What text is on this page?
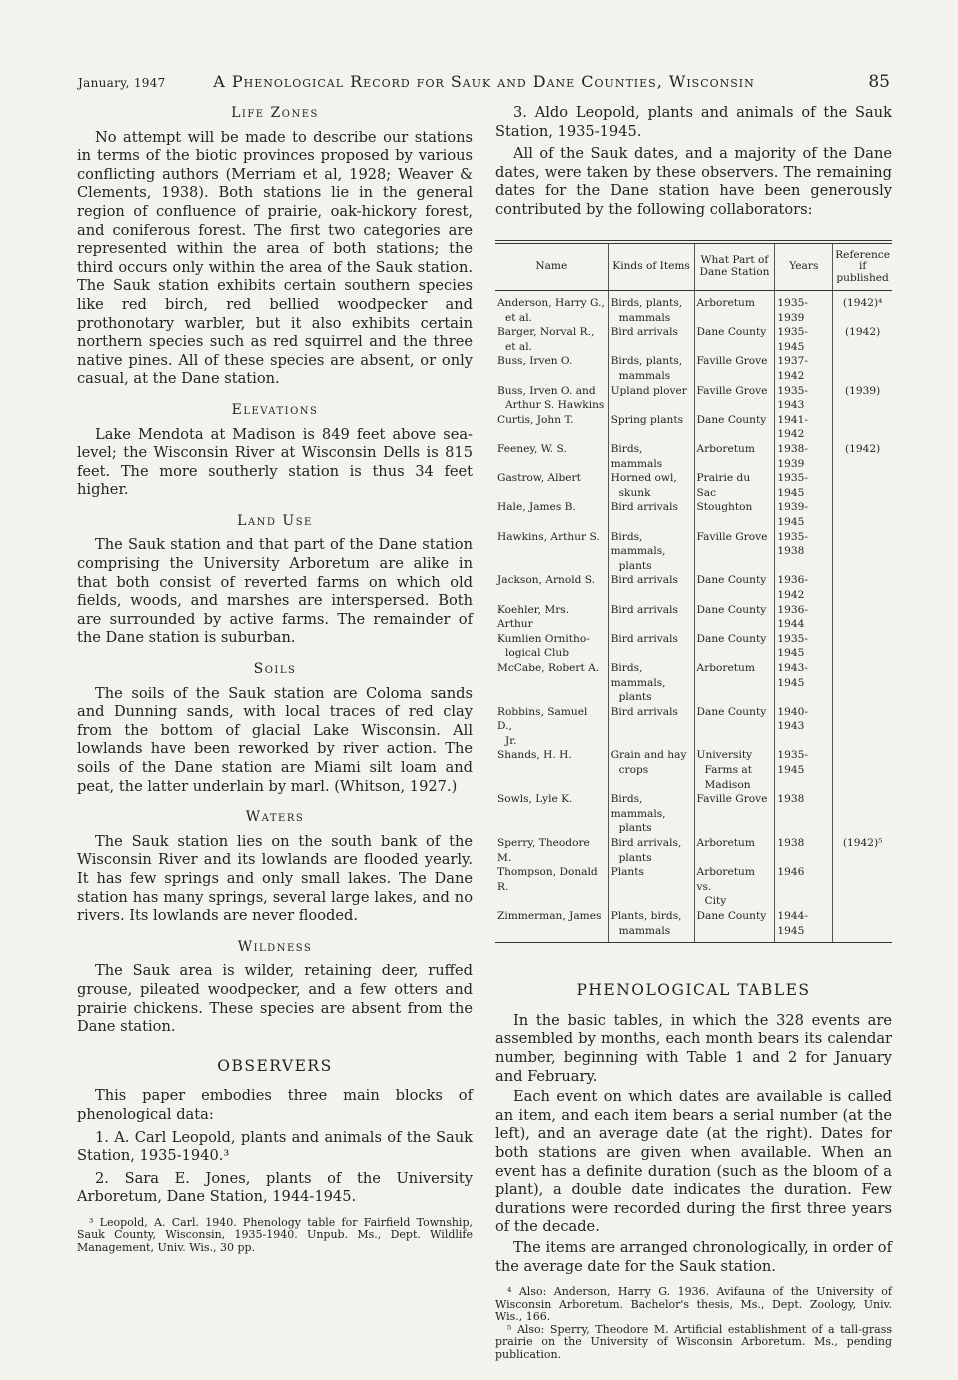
January, 1947	A Phenological Record for Sauk and Dane Counties, Wisconsin	85
Life Zones

No attempt will be made to describe our stations in terms of the biotic provinces proposed by various conflicting authors (Merriam et al, 1928; Weaver & Clements, 1938). Both stations lie in the general region of confluence of prairie, oak-hickory forest, and coniferous forest. The first two categories are represented within the area of both stations; the third occurs only within the area of the Sauk station. The Sauk station exhibits certain southern species like red birch, red bellied woodpecker and prothonotary warbler, but it also exhibits certain northern species such as red squirrel and the three native pines. All of these species are absent, or only casual, at the Dane station.

Elevations

Lake Mendota at Madison is 849 feet above sea-level; the Wisconsin River at Wisconsin Dells is 815 feet. The more southerly station is thus 34 feet higher.

Land Use

The Sauk station and that part of the Dane station comprising the University Arboretum are alike in that both consist of reverted farms on which old fields, woods, and marshes are interspersed. Both are surrounded by active farms. The remainder of the Dane station is suburban.

Soils

The soils of the Sauk station are Coloma sands and Dunning sands, with local traces of red clay from the bottom of glacial Lake Wisconsin. All lowlands have been reworked by river action. The soils of the Dane station are Miami silt loam and peat, the latter underlain by marl. (Whitson, 1927.)

Waters

The Sauk station lies on the south bank of the Wisconsin River and its lowlands are flooded yearly. It has few springs and only small lakes. The Dane station has many springs, several large lakes, and no rivers. Its lowlands are never flooded.

Wildness

The Sauk area is wilder, retaining deer, ruffed grouse, pileated woodpecker, and a few otters and prairie chickens. These species are absent from the Dane station.

OBSERVERS

This paper embodies three main blocks of phenological data:

1. A. Carl Leopold, plants and animals of the Sauk Station, 1935-1940.³

2. Sara E. Jones, plants of the University Arboretum, Dane Station, 1944-1945.

³ Leopold, A. Carl. 1940. Phenology table for Fairfield Township, Sauk County, Wisconsin, 1935-1940. Unpub. Ms., Dept. Wildlife Management, Univ. Wis., 30 pp.

3. Aldo Leopold, plants and animals of the Sauk Station, 1935-1945.

All of the Sauk dates, and a majority of the Dane dates, were taken by these observers. The remaining dates for the Dane station have been generously contributed by the following collaborators:

Name	Kinds of Items	What Part of Dane Station	Years	Reference if published

Anderson, Harry G.,
et al.	Birds, plants,
mammals	Arboretum	1935-1939	(1942)⁴

Barger, Norval R.,
et al.	Bird arrivals	Dane County	1935-1945	(1942)

Buss, Irven O.	Birds, plants,
mammals	Faville Grove	1937-1942	

Buss, Irven O. and
Arthur S. Hawkins	Upland plover	Faville Grove	1935-1943	(1939)

Curtis, John T.	Spring plants	Dane County	1941-1942	

Feeney, W. S.	Birds, mammals	Arboretum	1938-1939	(1942)

Gastrow, Albert	Horned owl,
skunk	Prairie du Sac	1935-1945	

Hale, James B.	Bird arrivals	Stoughton	1939-1945	

Hawkins, Arthur S.	Birds, mammals,
plants	Faville Grove	1935-1938	

Jackson, Arnold S.	Bird arrivals	Dane County	1936-1942	

Koehler, Mrs. Arthur	Bird arrivals	Dane County	1936-1944	

Kumlien Ornitho-
logical Club	Bird arrivals	Dane County	1935-1945	

McCabe, Robert A.	Birds, mammals,
plants	Arboretum	1943-1945	

Robbins, Samuel D.,
Jr.	Bird arrivals	Dane County	1940-1943	

Shands, H. H.	Grain and hay
crops	University
Farms at
Madison	1935-1945	

Sowls, Lyle K.	Birds, mammals,
plants	Faville Grove	1938	

Sperry, Theodore M.	Bird arrivals,
plants	Arboretum	1938	(1942)⁵

Thompson, Donald R.	Plants	Arboretum vs.
City	1946	

Zimmerman, James	Plants, birds,
mammals	Dane County	1944-1945	

PHENOLOGICAL TABLES

In the basic tables, in which the 328 events are assembled by months, each month bears its calendar number, beginning with Table 1 and 2 for January and February.

Each event on which dates are available is called an item, and each item bears a serial number (at the left), and an average date (at the right). Dates for both stations are given when available. When an event has a definite duration (such as the bloom of a plant), a double date indicates the duration. Few durations were recorded during the first three years of the decade.

The items are arranged chronologically, in order of the average date for the Sauk station.

⁴ Also: Anderson, Harry G. 1936. Avifauna of the University of Wisconsin Arboretum. Bachelor's thesis, Ms., Dept. Zoology, Univ. Wis., 166.

⁵ Also: Sperry, Theodore M. Artificial establishment of a tall-grass prairie on the University of Wisconsin Arboretum. Ms., pending publication.
